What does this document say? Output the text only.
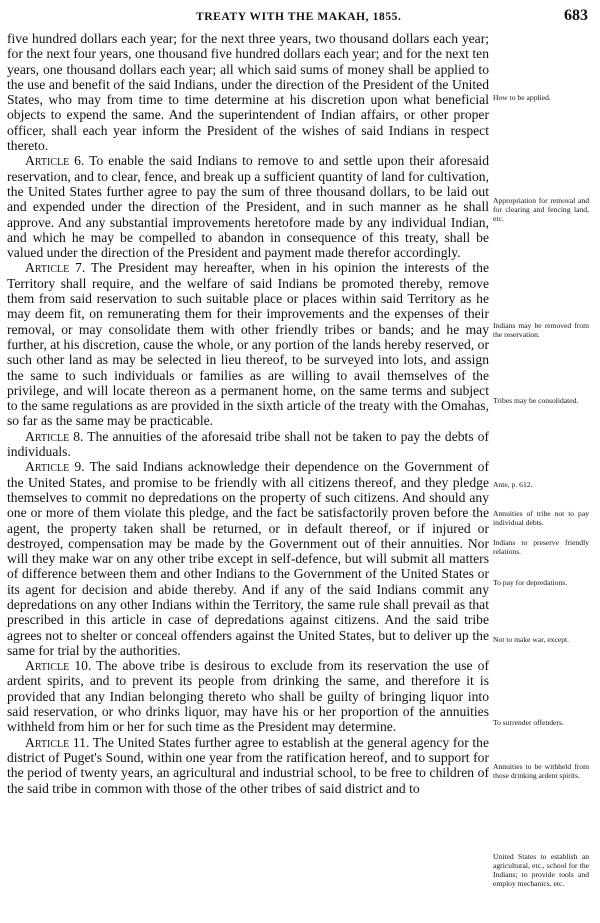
TREATY WITH THE MAKAH, 1855.	683

five hundred dollars each year; for the next three years, two thousand dollars each year; for the next four years, one thousand five hundred dollars each year; and for the next ten years, one thousand dollars each year; all which said sums of money shall be applied to the use and benefit of the said Indians, under the direction of the President of the United States, who may from time to time determine at his discretion upon what beneficial objects to expend the same. And the superintendent of Indian affairs, or other proper officer, shall each year inform the President of the wishes of said Indians in respect thereto.

Article 6. To enable the said Indians to remove to and settle upon their aforesaid reservation, and to clear, fence, and break up a sufficient quantity of land for cultivation, the United States further agree to pay the sum of three thousand dollars, to be laid out and expended under the direction of the President, and in such manner as he shall approve. And any substantial improvements heretofore made by any individual Indian, and which he may be compelled to abandon in consequence of this treaty, shall be valued under the direction of the President and payment made therefor accordingly.

Article 7. The President may hereafter, when in his opinion the interests of the Territory shall require, and the welfare of said Indians be promoted thereby, remove them from said reservation to such suitable place or places within said Territory as he may deem fit, on remunerating them for their improvements and the expenses of their removal, or may consolidate them with other friendly tribes or bands; and he may further, at his discretion, cause the whole, or any portion of the lands hereby reserved, or such other land as may be selected in lieu thereof, to be surveyed into lots, and assign the same to such individuals or families as are willing to avail themselves of the privilege, and will locate thereon as a permanent home, on the same terms and subject to the same regulations as are provided in the sixth article of the treaty with the Omahas, so far as the same may be practicable.

Article 8. The annuities of the aforesaid tribe shall not be taken to pay the debts of individuals.

Article 9. The said Indians acknowledge their dependence on the Government of the United States, and promise to be friendly with all citizens thereof, and they pledge themselves to commit no depredations on the property of such citizens. And should any one or more of them violate this pledge, and the fact be satisfactorily proven before the agent, the property taken shall be returned, or in default thereof, or if injured or destroyed, compensation may be made by the Government out of their annuities. Nor will they make war on any other tribe except in self-defence, but will submit all matters of difference between them and other Indians to the Government of the United States or its agent for decision and abide thereby. And if any of the said Indians commit any depredations on any other Indians within the Territory, the same rule shall prevail as that prescribed in this article in case of depredations against citizens. And the said tribe agrees not to shelter or conceal offenders against the United States, but to deliver up the same for trial by the authorities.

Article 10. The above tribe is desirous to exclude from its reservation the use of ardent spirits, and to prevent its people from drinking the same, and therefore it is provided that any Indian belonging thereto who shall be guilty of bringing liquor into said reservation, or who drinks liquor, may have his or her proportion of the annuities withheld from him or her for such time as the President may determine.

Article 11. The United States further agree to establish at the general agency for the district of Puget's Sound, within one year from the ratification hereof, and to support for the period of twenty years, an agricultural and industrial school, to be free to children of the said tribe in common with those of the other tribes of said district and to

How to be applied.
Appropriation for removal and for clearing and fencing land, etc.
Indians may be removed from the reservation.
Tribes may be consolidated.
Ante, p. 612.
Annuities of tribe not to pay individual debts.
Indians to preserve friendly relations.
To pay for depredations.
Not to make war, except.
To surrender offenders.
Annuities to be withheld from those drinking ardent spirits.
United States to establish an agricultural, etc., school for the Indians; to provide tools and employ mechanics, etc.
